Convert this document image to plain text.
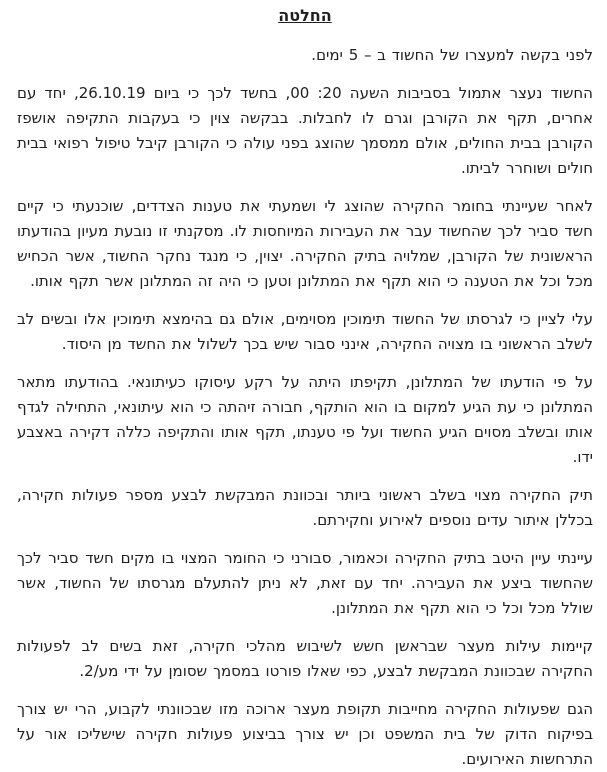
החלטה

לפני בקשה למעצרו של החשוד ב – 5 ימים.

החשוד נעצר אתמול בסביבות השעה 20: 00, בחשד לכך כי ביום 26.10.19, יחד עם אחרים, תקף את הקורבן וגרם לו לחבלות. בבקשה צוין כי בעקבות התקיפה אושפז הקורבן בבית החולים, אולם ממסמך שהוצג בפני עולה כי הקורבן קיבל טיפול רפואי בבית חולים ושוחרר לביתו.

לאחר שעיינתי בחומר החקירה שהוצג לי ושמעתי את טענות הצדדים, שוכנעתי כי קיים חשד סביר לכך שהחשוד עבר את העבירות המיוחסות לו. מסקנתי זו נובעת מעיון בהודעתו הראשונית של הקורבן, שמלויה בתיק החקירה. יצוין, כי מנגד נחקר החשוד, אשר הכחיש מכל וכל את הטענה כי הוא תקף את המתלונן וטען כי היה זה המתלונן אשר תקף אותו.

עלי לציין כי לגרסתו של החשוד תימוכין מסוימים, אולם גם בהימצא תימוכין אלו ובשים לב לשלב הראשוני בו מצויה החקירה, אינני סבור שיש בכך לשלול את החשד מן היסוד.

על פי הודעתו של המתלונן, תקיפתו היתה על רקע עיסוקו כעיתונאי. בהודעתו מתאר המתלונן כי עת הגיע למקום בו הוא הותקף, חבורה זיהתה כי הוא עיתונאי, התחילה לגדף אותו ובשלב מסוים הגיע החשוד ועל פי טענתו, תקף אותו והתקיפה כללה דקירה באצבע ידו.

תיק החקירה מצוי בשלב ראשוני ביותר ובכוונת המבקשת לבצע מספר פעולות חקירה, בכללן איתור עדים נוספים לאירוע וחקירתם.

עיינתי עיין היטב בתיק החקירה וכאמור, סבורני כי החומר המצוי בו מקים חשד סביר לכך שהחשוד ביצע את העבירה. יחד עם זאת, לא ניתן להתעלם מגרסתו של החשוד, אשר שולל מכל וכל כי הוא תקף את המתלונן.

קיימות עילות מעצר שבראשן חשש לשיבוש מהלכי חקירה, זאת בשים לב לפעולות החקירה שבכוונת המבקשת לבצע, כפי שאלו פורטו במסמך שסומן על ידי מע/2.

הגם שפעולות החקירה מחייבות תקופת מעצר ארוכה מזו שבכוונתי לקבוע, הרי יש צורך בפיקוח הדוק של בית המשפט וכן יש צורך בביצוע פעולות חקירה שישליכו אור על התרחשות האירועים.
